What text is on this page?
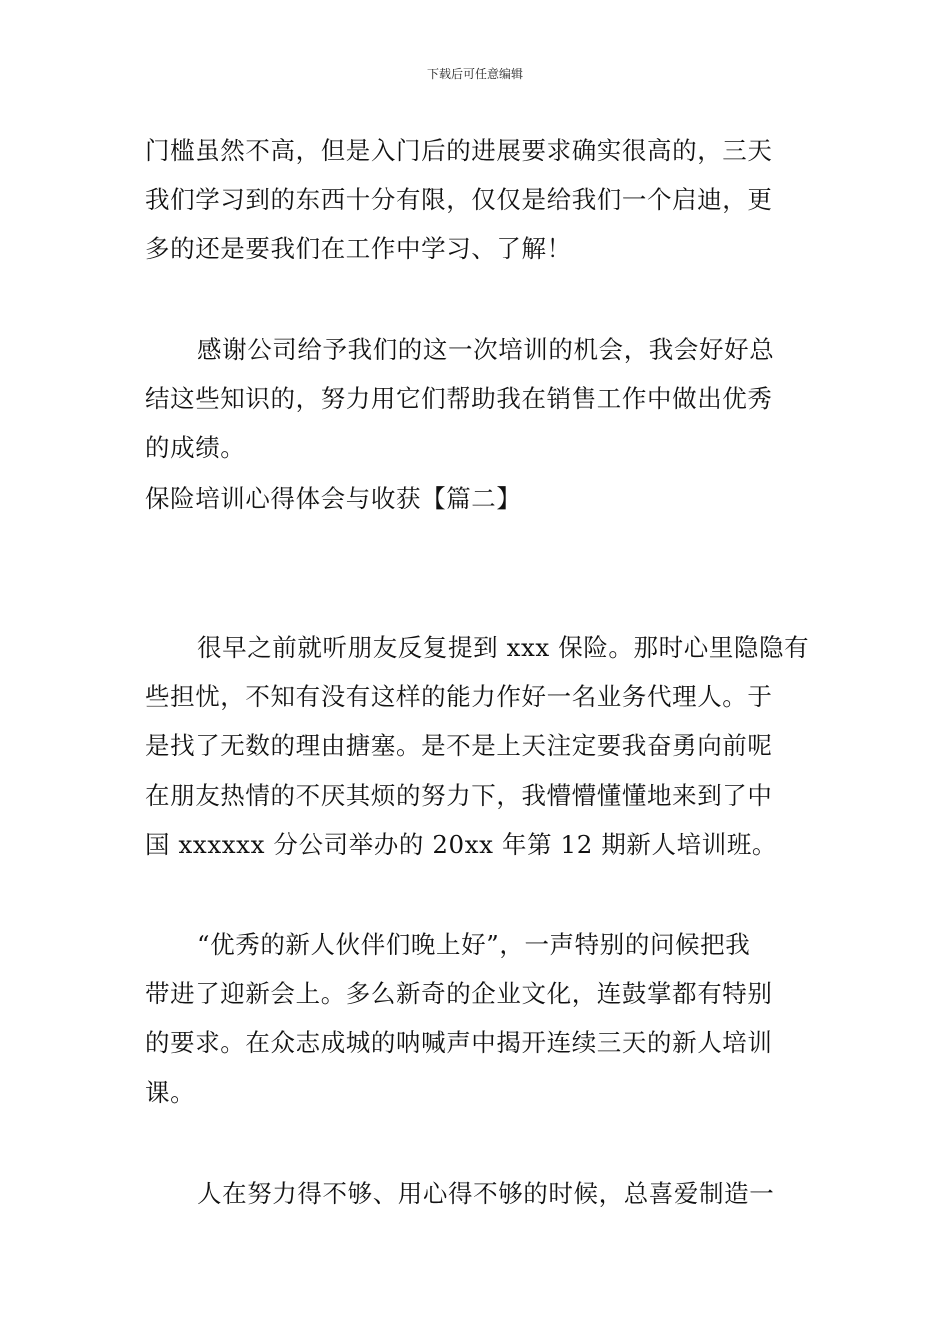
下载后可任意编辑
门槛虽然不高，但是入门后的进展要求确实很高的，三天
我们学习到的东西十分有限，仅仅是给我们一个启迪，更
多的还是要我们在工作中学习、了解！
感谢公司给予我们的这一次培训的机会，我会好好总
结这些知识的，努力用它们帮助我在销售工作中做出优秀
的成绩。
保险培训心得体会与收获【篇二】
很早之前就听朋友反复提到 xxx 保险。那时心里隐隐有
些担忧，不知有没有这样的能力作好一名业务代理人。于
是找了无数的理由搪塞。是不是上天注定要我奋勇向前呢
在朋友热情的不厌其烦的努力下，我懵懵懂懂地来到了中
国 xxxxxx 分公司举办的 20xx 年第 12 期新人培训班。
“优秀的新人伙伴们晚上好”，一声特别的问候把我
带进了迎新会上。多么新奇的企业文化，连鼓掌都有特别
的要求。在众志成城的呐喊声中揭开连续三天的新人培训
课。
人在努力得不够、用心得不够的时候，总喜爱制造一
